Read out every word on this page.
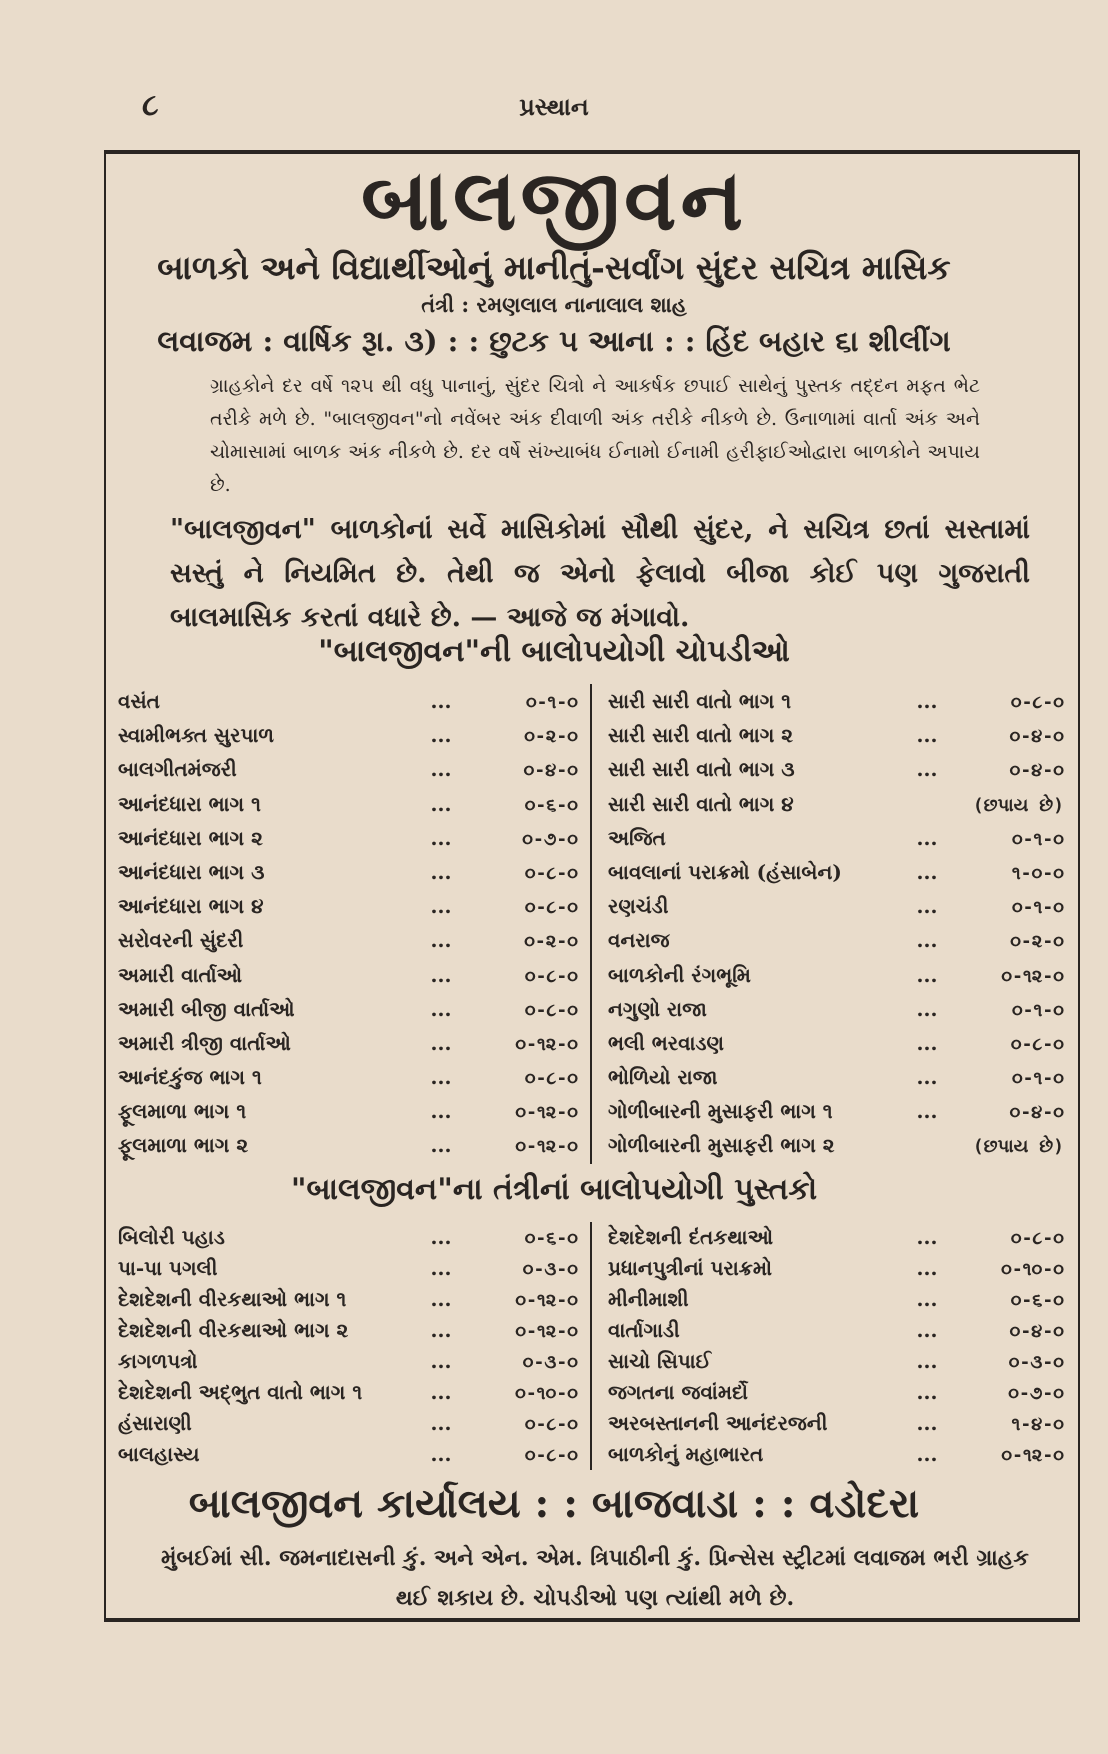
૮	પ્રસ્થાન
બાલજીવન
બાળકો અને વિદ્યાર્થીઓનું માનીતું-સર્વાંગ સુંદર સચિત્ર માસિક
તંત્રી : રમણલાલ નાનાલાલ શાહ
લવાજમ : વાર્ષિક રૂા. ૩) : : છુટક ૫ આના : : હિંદ બહાર ૬ા શીલીંગ
ગ્રાહકોને દર વર્ષે ૧૨૫ થી વધુ પાનાનું, સુંદર ચિત્રો ને આકર્ષક છપાઈ સાથેનું પુસ્તક તદ્દન મફત ભેટ તરીકે મળે છે. "બાલજીવન"નો નવેંબર અંક દીવાળી અંક તરીકે નીકળે છે. ઉનાળામાં વાર્તા અંક અને ચોમાસામાં બાળક અંક નીકળે છે. દર વર્ષે સંખ્યાબંધ ઈનામો ઈનામી હરીફાઈઓદ્વારા બાળકોને અપાય છે.
"બાલજીવન" બાળકોનાં સર્વે માસિકોમાં સૌથી સુંદર, ને સચિત્ર છતાં સસ્તામાં સસ્તું ને નિયમિત છે. તેથી જ એનો ફેલાવો બીજા કોઈ પણ ગુજરાતી બાલમાસિક કરતાં વધારે છે. — આજે જ મંગાવો.
"બાલજીવન"ની બાલોપયોગી ચોપડીઓ
વસંત	...	૦-૧-૦
સ્વામીભક્ત સુરપાળ	...	૦-૨-૦
બાલગીતમંજરી	...	૦-૪-૦
આનંદધારા ભાગ ૧	...	૦-૬-૦
આનંદધારા ભાગ ૨	...	૦-૭-૦
આનંદધારા ભાગ ૩	...	૦-૮-૦
આનંદધારા ભાગ ૪	...	૦-૮-૦
સરોવરની સુંદરી	...	૦-૨-૦
અમારી વાર્તાઓ	...	૦-૮-૦
અમારી બીજી વાર્તાઓ	...	૦-૮-૦
અમારી ત્રીજી વાર્તાઓ	...	૦-૧૨-૦
આનંદકુંજ ભાગ ૧	...	૦-૮-૦
ફૂલમાળા ભાગ ૧	...	૦-૧૨-૦
ફૂલમાળા ભાગ ૨	...	૦-૧૨-૦
સારી સારી વાતો ભાગ ૧	...	૦-૮-૦
સારી સારી વાતો ભાગ ૨	...	૦-૪-૦
સારી સારી વાતો ભાગ ૩	...	૦-૪-૦
સારી સારી વાતો ભાગ ૪	(છપાય છે)
અજિત	...	૦-૧-૦
બાવલાનાં પરાક્રમો (હંસાબેન)	...	૧-૦-૦
રણચંડી	...	૦-૧-૦
વનરાજ	...	૦-૨-૦
બાળકોની રંગભૂમિ	...	૦-૧૨-૦
નગુણો રાજા	...	૦-૧-૦
ભલી ભરવાડણ	...	૦-૮-૦
ભોળિયો રાજા	...	૦-૧-૦
ગોળીબારની મુસાફરી ભાગ ૧	...	૦-૪-૦
ગોળીબારની મુસાફરી ભાગ ૨	(છપાય છે)
"બાલજીવન"ના તંત્રીનાં બાલોપયોગી પુસ્તકો
બિલોરી પહાડ	...	૦-૬-૦
પા-પા પગલી	...	૦-૩-૦
દેશદેશની વીરકથાઓ ભાગ ૧	...	૦-૧૨-૦
દેશદેશની વીરકથાઓ ભાગ ૨	...	૦-૧૨-૦
કાગળપત્રો	...	૦-૩-૦
દેશદેશની અદ્ભુત વાતો ભાગ ૧	...	૦-૧૦-૦
હંસારાણી	...	૦-૮-૦
બાલહાસ્ય	...	૦-૮-૦
દેશદેશની દંતકથાઓ	...	૦-૮-૦
પ્રધાનપુત્રીનાં પરાક્રમો	...	૦-૧૦-૦
મીનીમાશી	...	૦-૬-૦
વાર્તાગાડી	...	૦-૪-૦
સાચો સિપાઈ	...	૦-૩-૦
જગતના જવાંમર્દો	...	૦-૭-૦
અરબસ્તાનની આનંદરજની	...	૧-૪-૦
બાળકોનું મહાભારત	...	૦-૧૨-૦
બાલજીવન કાર્યાલય : : બાજવાડા : : વડોદરા
મુંબઈમાં સી. જમનાદાસની કું. અને એન. એમ. ત્રિપાઠીની કું. પ્રિન્સેસ સ્ટ્રીટમાં લવાજમ ભરી ગ્રાહક થઈ શકાય છે. ચોપડીઓ પણ ત્યાંથી મળે છે.
